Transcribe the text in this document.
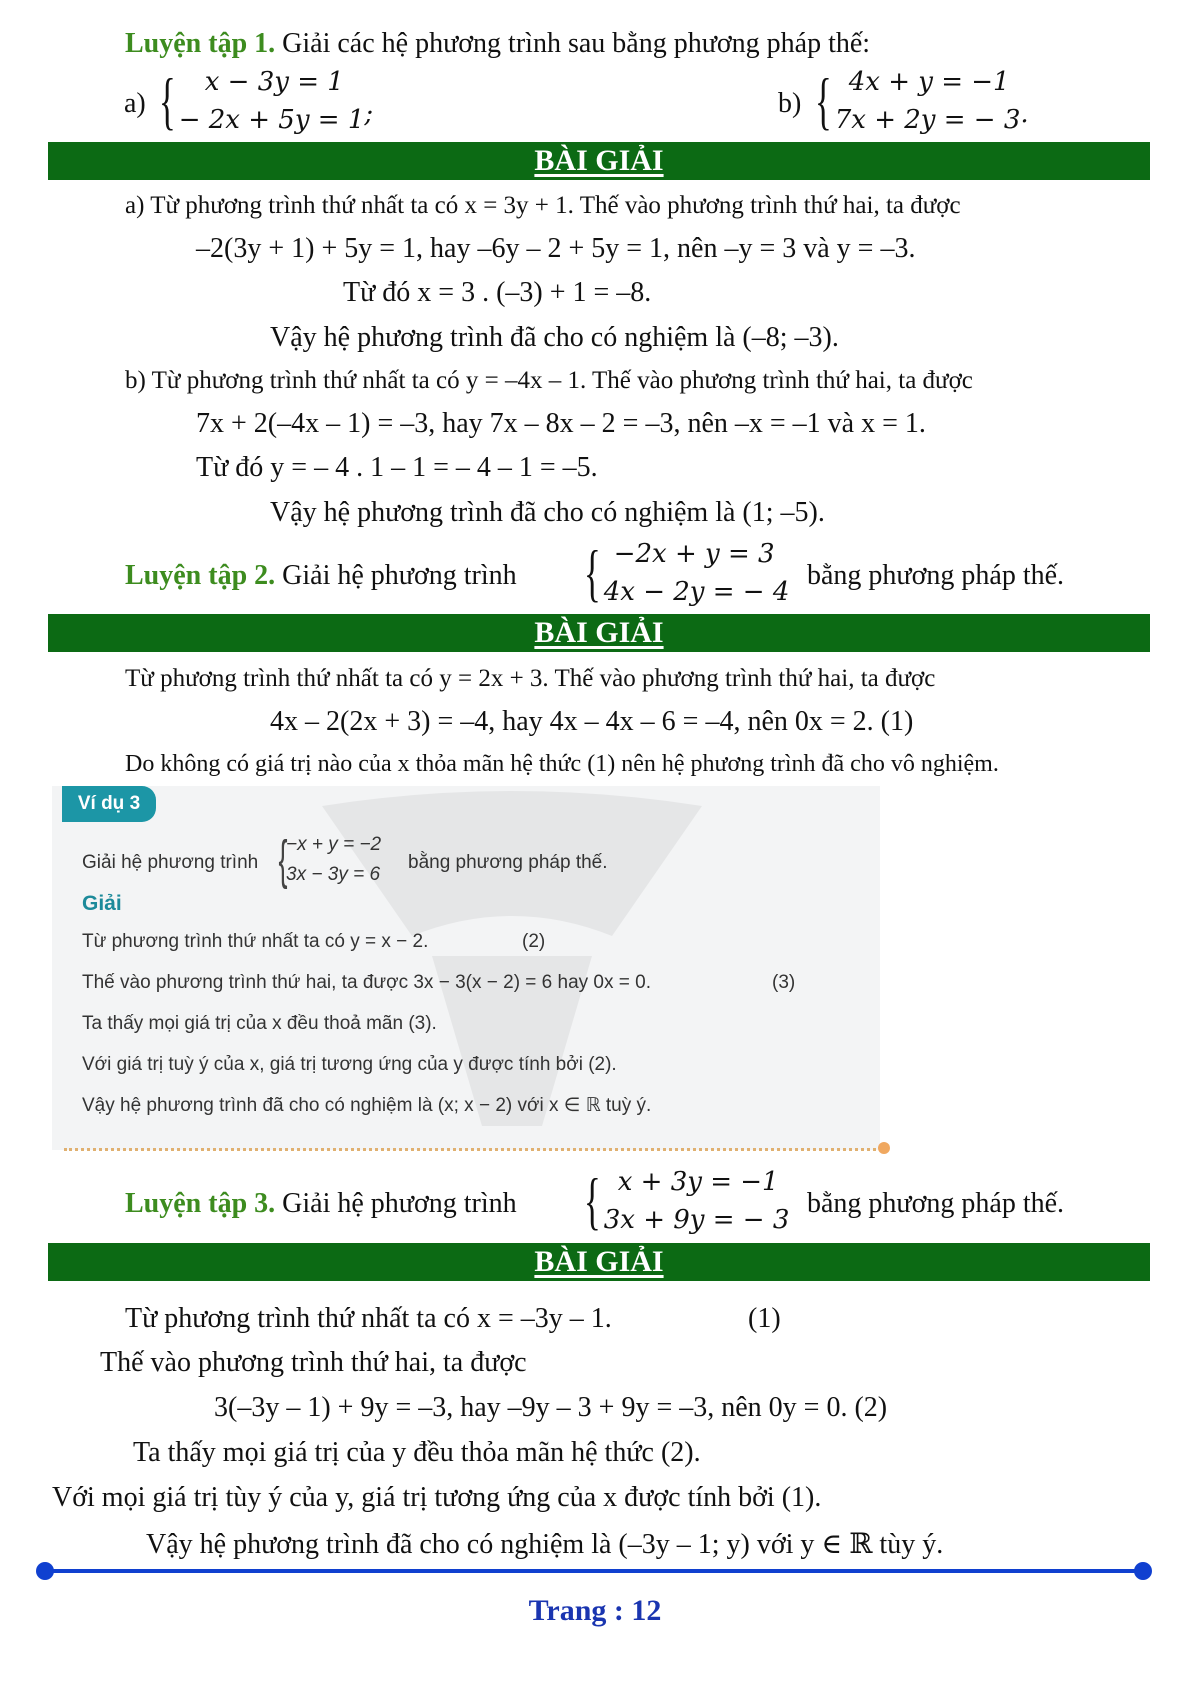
Luyện tập 1. Giải các hệ phương trình sau bằng phương pháp thế:
a) {	x − 3y = 1
− 2x + 5y = 1 ;	b) { 4x + y = −1
7x + 2y = − 3 .
BÀI GIẢI
a) Từ phương trình thứ nhất ta có x = 3y + 1. Thế vào phương trình thứ hai, ta được
–2(3y + 1) + 5y = 1, hay –6y – 2 + 5y = 1, nên –y = 3 và y = –3.
Từ đó x = 3 . (–3) + 1 = –8.
Vậy hệ phương trình đã cho có nghiệm là (–8; –3).
b) Từ phương trình thứ nhất ta có y = –4x – 1. Thế vào phương trình thứ hai, ta được
7x + 2(–4x – 1) = –3, hay 7x – 8x – 2 = –3, nên –x = –1 và x = 1.
Từ đó y = – 4 . 1 – 1 = – 4 – 1 = –5.
Vậy hệ phương trình đã cho có nghiệm là (1; –5).
Luyện tập 2. Giải hệ phương trình { −2x + y = 3
4x − 2y = − 4
bằng phương pháp thế.
BÀI GIẢI
Từ phương trình thứ nhất ta có y = 2x + 3. Thế vào phương trình thứ hai, ta được
4x – 2(2x + 3) = –4, hay 4x – 4x – 6 = –4, nên 0x = 2. (1)
Do không có giá trị nào của x thỏa mãn hệ thức (1) nên hệ phương trình đã cho vô nghiệm.
Ví dụ 3
Giải hệ phương trình {
−x + y = −2
3x − 3y = 6
bằng phương pháp thế.
Giải
Từ phương trình thứ nhất ta có y = x − 2.	(2)
Thế vào phương trình thứ hai, ta được 3x − 3(x − 2) = 6 hay 0x = 0.	(3)
Ta thấy mọi giá trị của x đều thoả mãn (3).
Với giá trị tuỳ ý của x, giá trị tương ứng của y được tính bởi (2).
Vậy hệ phương trình đã cho có nghiệm là (x; x − 2) với x ∈ ℝ tuỳ ý.
Luyện tập 3. Giải hệ phương trình { x + 3y = −1
3x + 9y = − 3
bằng phương pháp thế.
BÀI GIẢI
Từ phương trình thứ nhất ta có x = –3y – 1.	(1)
Thế vào phương trình thứ hai, ta được
3(–3y – 1) + 9y = –3, hay –9y – 3 + 9y = –3, nên 0y = 0. (2)
Ta thấy mọi giá trị của y đều thỏa mãn hệ thức (2).
Với mọi giá trị tùy ý của y, giá trị tương ứng của x được tính bởi (1).
Vậy hệ phương trình đã cho có nghiệm là (–3y – 1; y) với y ∈ ℝ tùy ý.
Trang : 12
